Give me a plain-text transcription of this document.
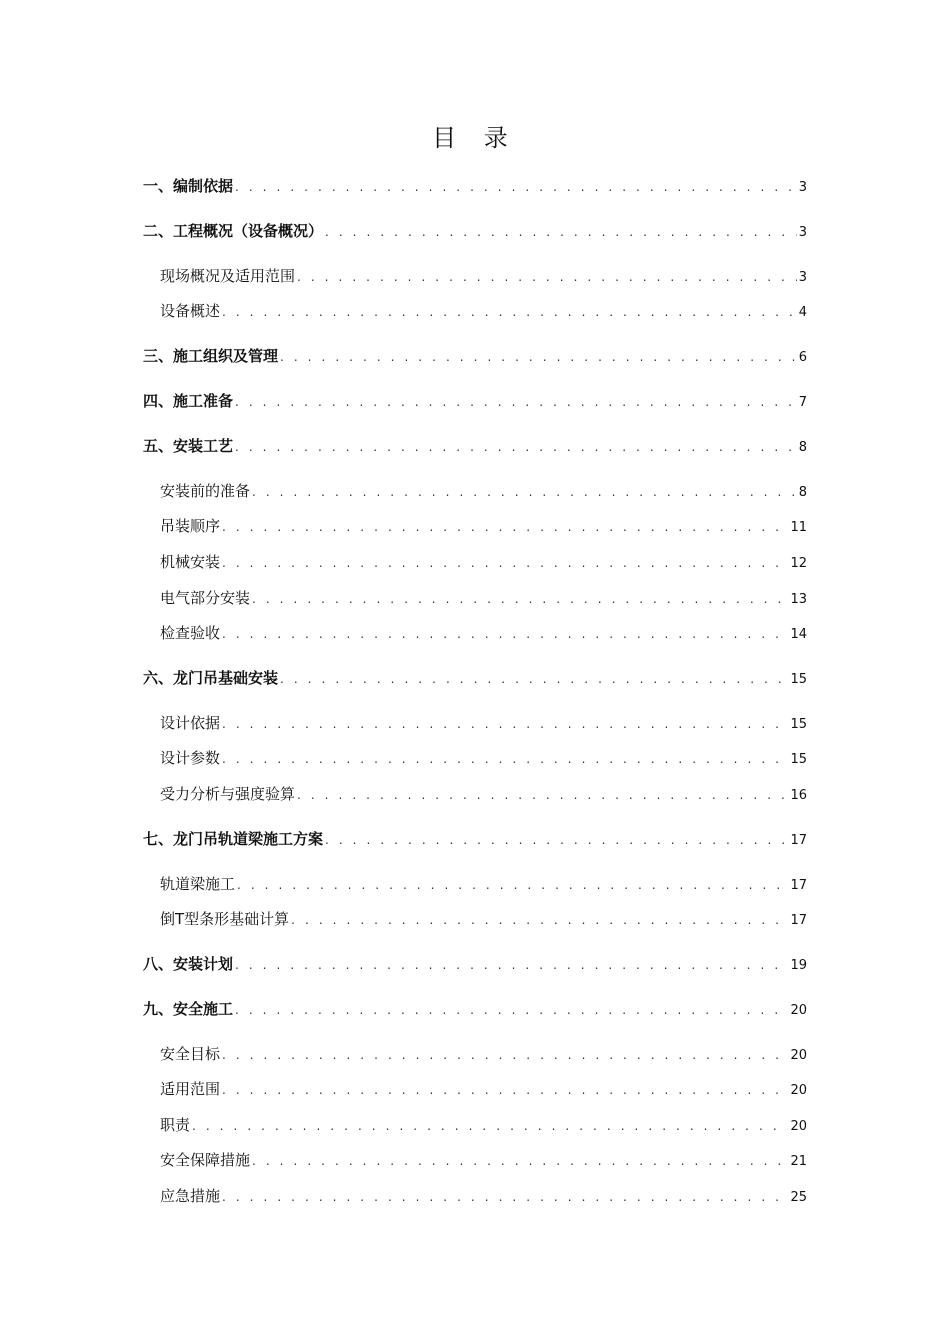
目 录
一、编制依据 . . .	3
二、工程概况（设备概况） . . .	3
现场概况及适用范围 . . .	3
设备概述 . . .	4
三、施工组织及管理 . . .	6
四、施工准备 . . .	7
五、安装工艺 . . .	8
安装前的准备 . . .	8
吊装顺序 . . .	11
机械安装 . . .	12
电气部分安装 . . .	13
检查验收 . . .	14
六、龙门吊基础安装 . . .	15
设计依据 . . .	15
设计参数 . . .	15
受力分析与强度验算 . . .	16
七、龙门吊轨道梁施工方案 . . .	17
轨道梁施工 . . .	17
倒T型条形基础计算 . . .	17
八、安装计划 . . .	19
九、安全施工 . . .	20
安全目标 . . .	20
适用范围 . . .	20
职责 . . .	20
安全保障措施 . . .	21
应急措施 . . .	25
